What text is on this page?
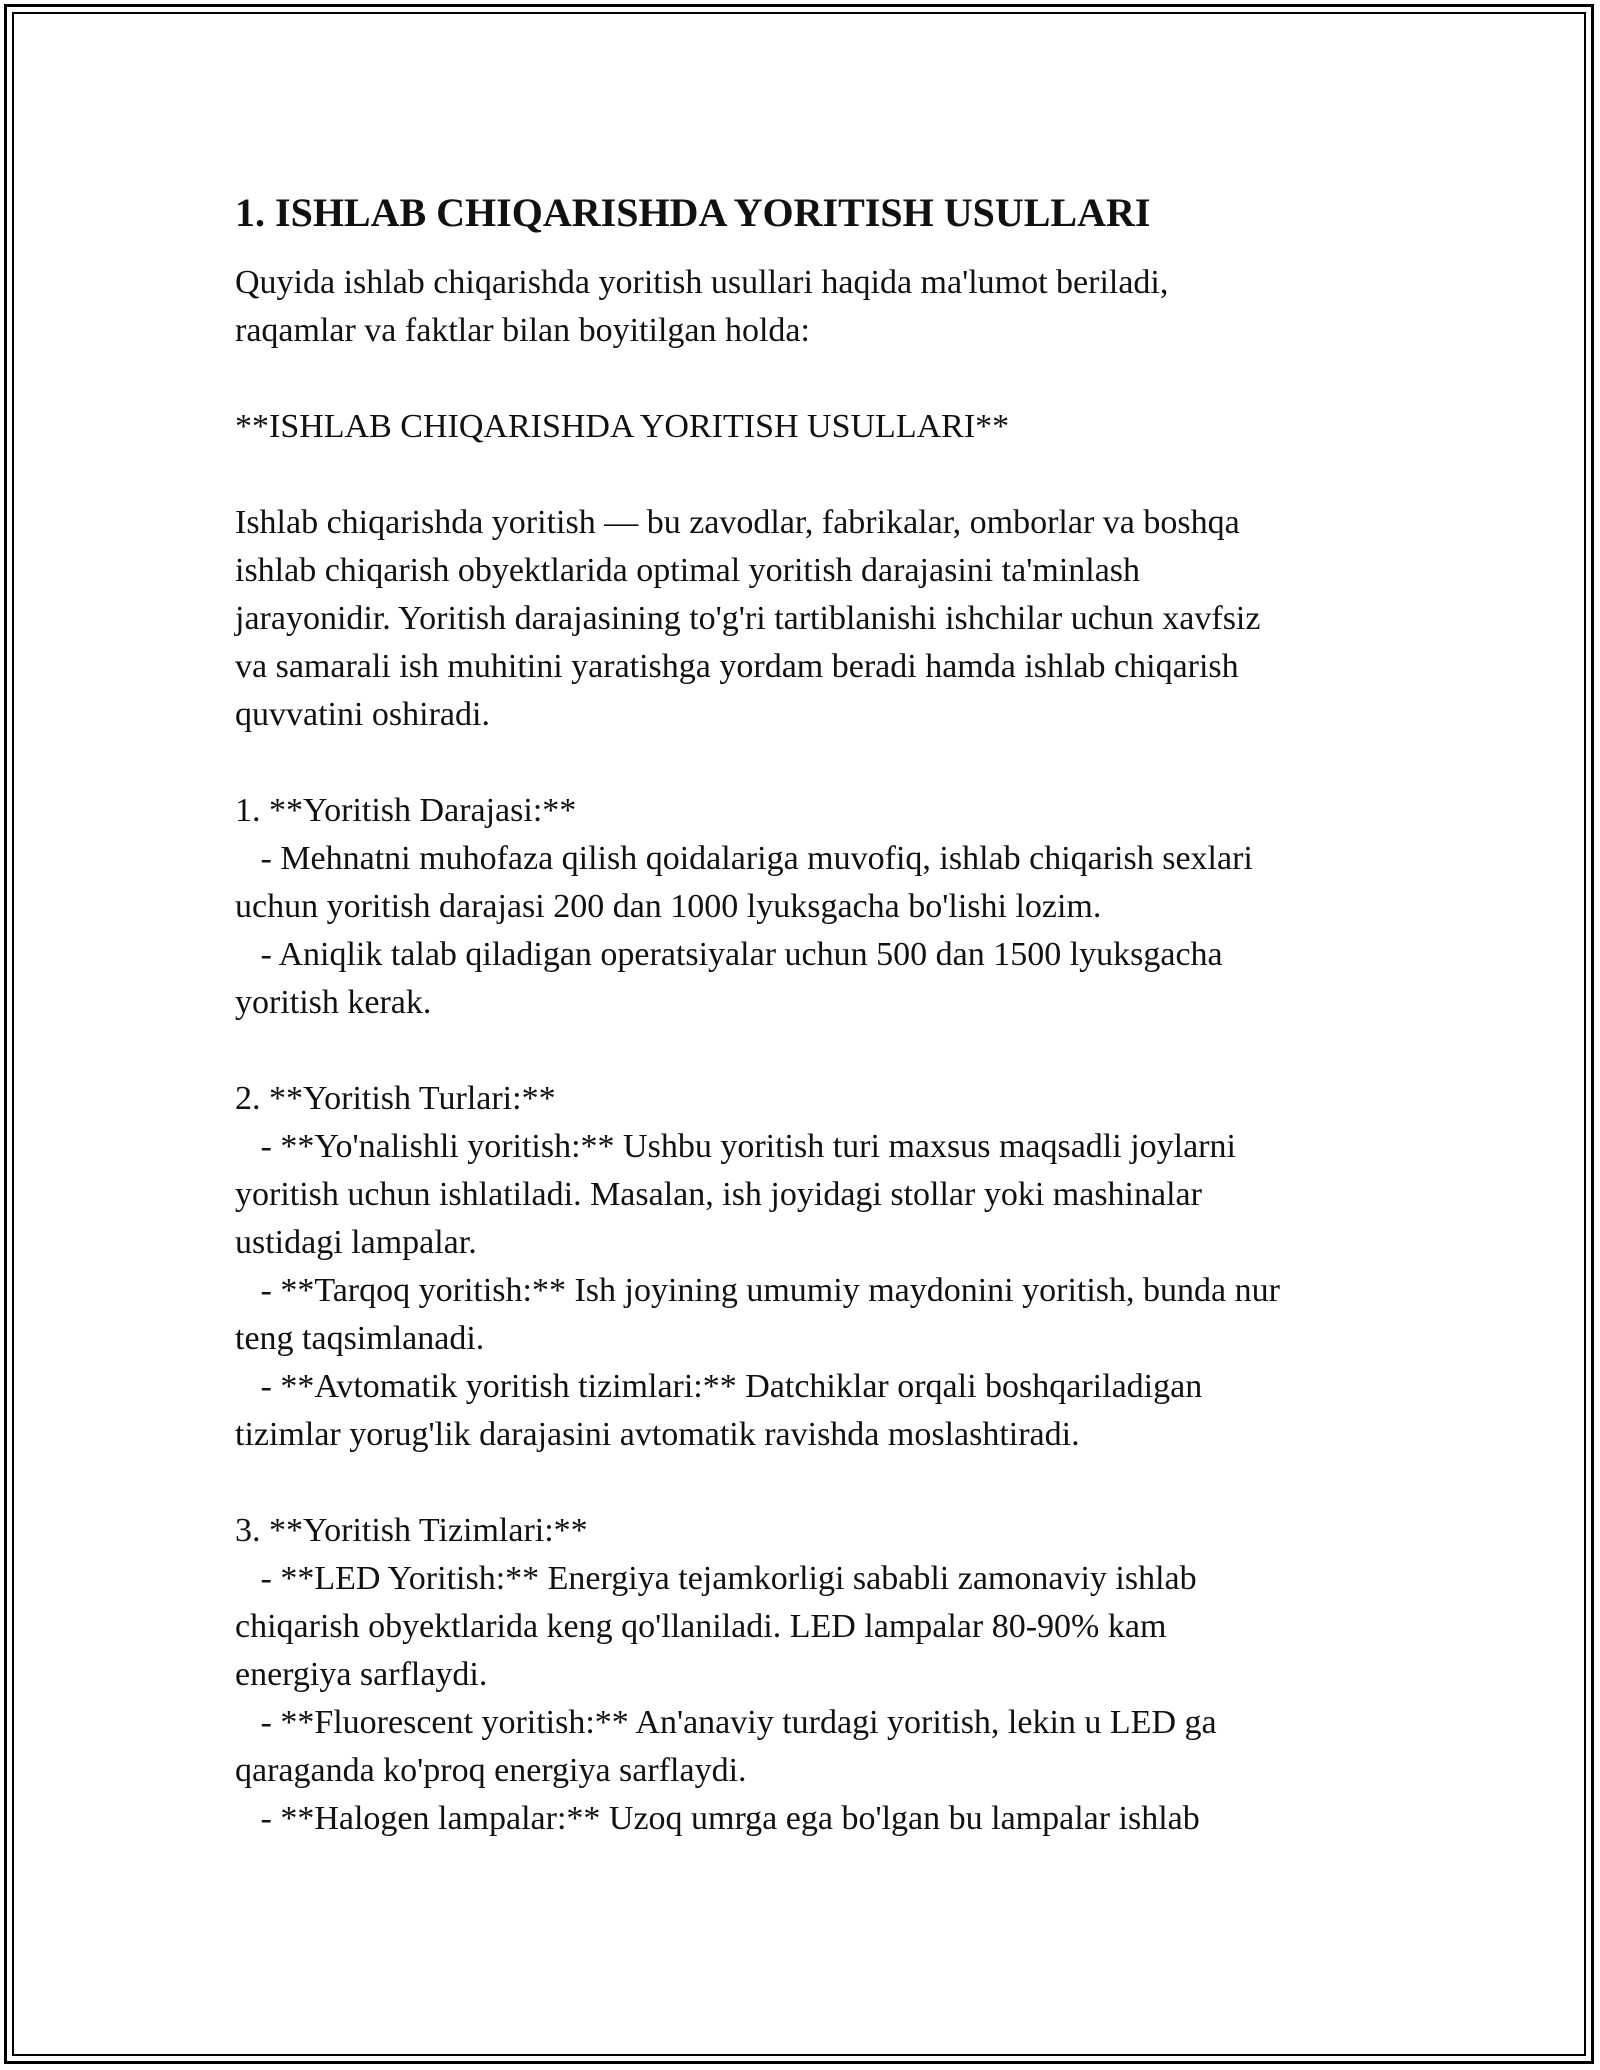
1. ISHLAB CHIQARISHDA YORITISH USULLARI

Quyida ishlab chiqarishda yoritish usullari haqida ma'lumot beriladi,
raqamlar va faktlar bilan boyitilgan holda:

**ISHLAB CHIQARISHDA YORITISH USULLARI**

Ishlab chiqarishda yoritish — bu zavodlar, fabrikalar, omborlar va boshqa
ishlab chiqarish obyektlarida optimal yoritish darajasini ta'minlash
jarayonidir. Yoritish darajasining to'g'ri tartiblanishi ishchilar uchun xavfsiz
va samarali ish muhitini yaratishga yordam beradi hamda ishlab chiqarish
quvvatini oshiradi.

1. **Yoritish Darajasi:**
- Mehnatni muhofaza qilish qoidalariga muvofiq, ishlab chiqarish sexlari
uchun yoritish darajasi 200 dan 1000 lyuksgacha bo'lishi lozim.
- Aniqlik talab qiladigan operatsiyalar uchun 500 dan 1500 lyuksgacha
yoritish kerak.

2. **Yoritish Turlari:**
- **Yo'nalishli yoritish:** Ushbu yoritish turi maxsus maqsadli joylarni
yoritish uchun ishlatiladi. Masalan, ish joyidagi stollar yoki mashinalar
ustidagi lampalar.
- **Tarqoq yoritish:** Ish joyining umumiy maydonini yoritish, bunda nur
teng taqsimlanadi.
- **Avtomatik yoritish tizimlari:** Datchiklar orqali boshqariladigan
tizimlar yorug'lik darajasini avtomatik ravishda moslashtiradi.

3. **Yoritish Tizimlari:**
- **LED Yoritish:** Energiya tejamkorligi sababli zamonaviy ishlab
chiqarish obyektlarida keng qo'llaniladi. LED lampalar 80-90% kam
energiya sarflaydi.
- **Fluorescent yoritish:** An'anaviy turdagi yoritish, lekin u LED ga
qaraganda ko'proq energiya sarflaydi.
- **Halogen lampalar:** Uzoq umrga ega bo'lgan bu lampalar ishlab
